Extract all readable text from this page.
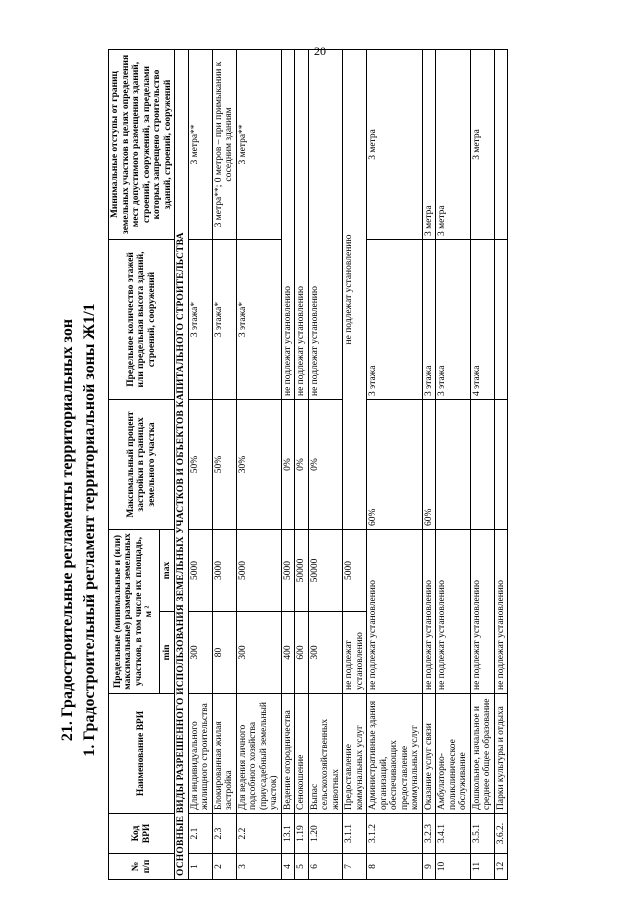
20
21. Градостроительные регламенты территориальных зон 1. Градостроительный регламент территориальной зоны Ж1/1
№ п/п	Код ВРИ	Наименование ВРИ	Предельные (минимальные и (или) максимальные) размеры земельных участков, в том числе их площадь, м ²		Максимальный процент застройки в границах земельного участка	Предельное количество этажей или предельная высота зданий, строений, сооружений	Минимальные отступы от границ земельных участков в целях определения мест допустимого размещения зданий, строений, сооружений, за пределами которых запрещено строительство зданий, строений, сооружений
			min	max			
ОСНОВНЫЕ ВИДЫ РАЗРЕШЕННОГО ИСПОЛЬЗОВАНИЯ ЗЕМЕЛЬНЫХ УЧАСТКОВ И ОБЪЕКТОВ КАПИТАЛЬНОГО СТРОИТЕЛЬСТВА							
1	2.1	Для индивидуального жилищного строительства	300	5000	50%	3 этажа*	3 метра**
2	2.3	Блокированная жилая застройка	80	3000	50%	3 этажа*	3 метра**; 0 метров – при примыкании к соседним зданиям
3	2.2	Для ведения личного подсобного хозяйства (приусадебный земельный участок)	300	5000	30%	3 этажа*	3 метра**
4	13.1	Ведение огородничества	400	5000	0%	не подлежат установлению	
5	1.19	Сенокошение	600	50000	0%	не подлежат установлению	
6	1.20	Выпас сельскохозяйственных животных	300	50000	0%	не подлежат установлению	
7	3.1.1	Предоставление коммунальных услуг	не подлежат установлению	5000	не подлежат установлению		
8	3.1.2	Административные здания организаций, обеспечивающих предоставление коммунальных услуг	не подлежат установлению		60%	3 этажа	3 метра
9	3.2.3	Оказание услуг связи	не подлежат установлению		60%	3 этажа	3 метра
10	3.4.1	Амбулаторно-поликлиническое обслуживание	не подлежат установлению			3 этажа	3 метра
11	3.5.1	Дошкольное, начальное и среднее общее образование	не подлежат установлению			4 этажа	3 метра
12	3.6.2.	Парки культуры и отдыха	не подлежат установлению				
